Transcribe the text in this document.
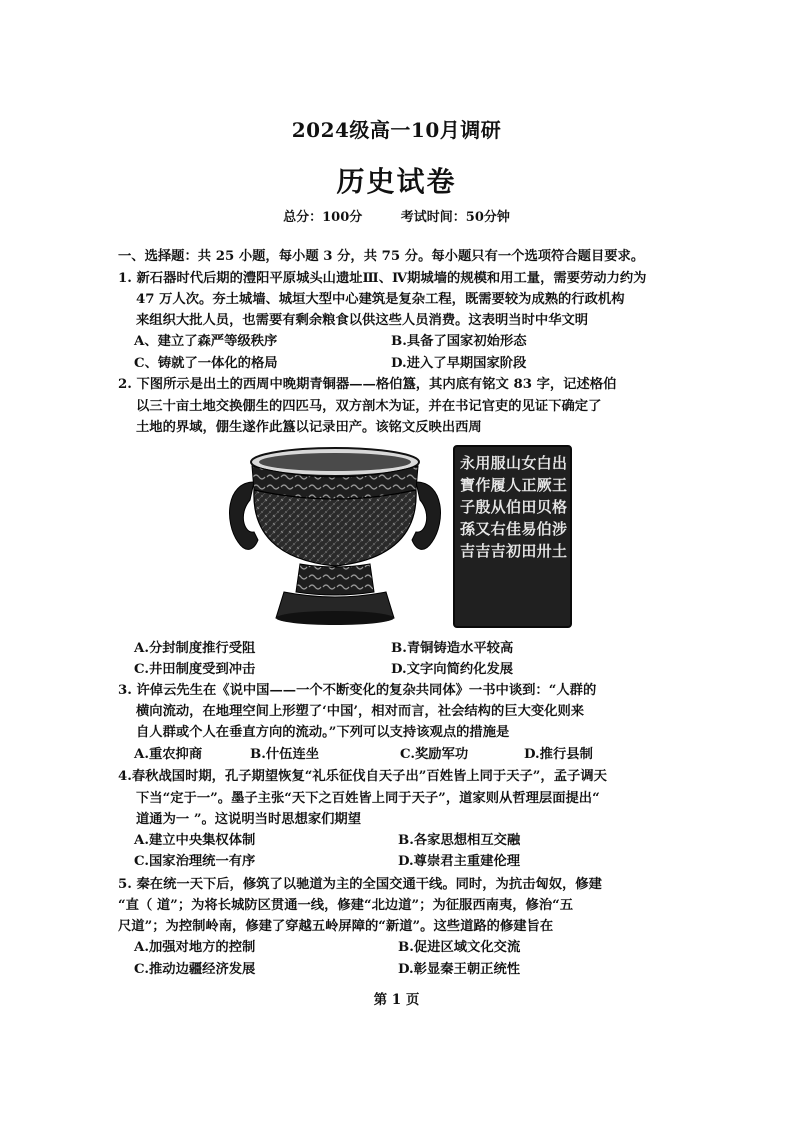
2024级高一10月调研
历史试卷
总分：100分	考试时间：50分钟
一、选择题：共 25 小题，每小题 3 分，共 75 分。每小题只有一个选项符合题目要求。
1. 新石器时代后期的澧阳平原城头山遗址Ⅲ、Ⅳ期城墙的规模和用工量，需要劳动力约为
47 万人次。夯土城墙、城垣大型中心建筑是复杂工程，既需要较为成熟的行政机构
来组织大批人员，也需要有剩余粮食以供这些人员消费。这表明当时中华文明
A、建立了森严等级秩序	B.具备了国家初始形态
C、铸就了一体化的格局	D.进入了早期国家阶段
2. 下图所示是出土的西周中晚期青铜器——格伯簋，其内底有铭文 83 字，记述格伯
以三十亩土地交换倗生的四匹马，双方剖木为证，并在书记官吏的见证下确定了
土地的界域，倗生遂作此簋以记录田产。该铭文反映出西周
出王格涉土
白厥贝伯卅
女正田易田
山人伯佳初
服履从右吉
用作殷又吉
永寶子孫吉
A.分封制度推行受阻	B.青铜铸造水平较高
C.井田制度受到冲击	D.文字向简约化发展
3. 许倬云先生在《说中国——一个不断变化的复杂共同体》一书中谈到：“人群的
横向流动，在地理空间上形塑了‘中国’，相对而言，社会结构的巨大变化则来
自人群或个人在垂直方向的流动。”下列可以支持该观点的措施是
A.重农抑商	B.什伍连坐	C.奖励军功	D.推行县制
4.春秋战国时期，孔子期望恢复“礼乐征伐自天子出”百姓皆上同于天子”，孟子调天
下当“定于一”。墨子主张“天下之百姓皆上同于天子”，道家则从哲理层面提出“
道通为一 ”。这说明当时思想家们期望
A.建立中央集权体制	B.各家思想相互交融
C.国家治理统一有序	D.尊崇君主重建伦理
5. 秦在统一天下后，修筑了以驰道为主的全国交通干线。同时，为抗击匈奴，修建
“直（ 道”；为将长城防区贯通一线，修建“北边道”；为征服西南夷，修治“五
尺道”；为控制岭南，修建了穿越五岭屏障的“新道”。这些道路的修建旨在
A.加强对地方的控制	B.促进区域文化交流
C.推动边疆经济发展	D.彰显秦王朝正统性
第 1 页
